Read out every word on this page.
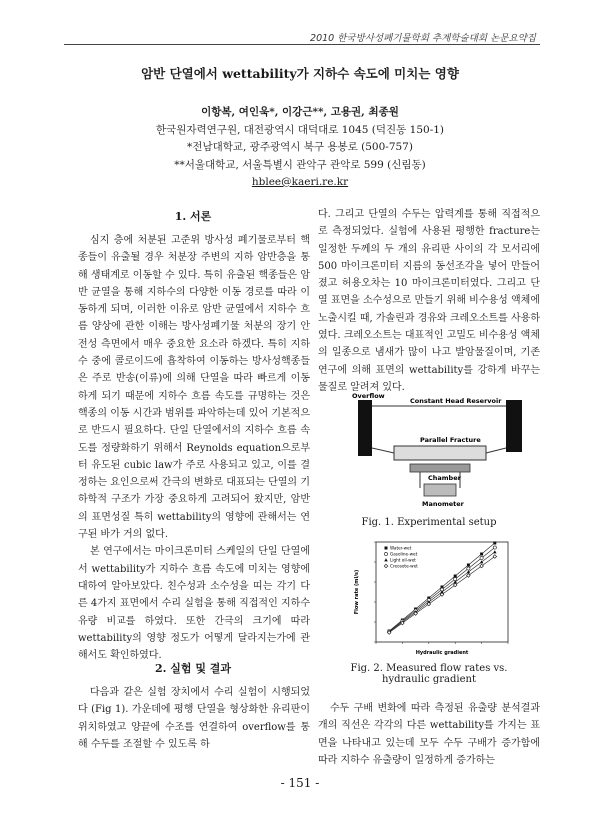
2010 한국방사성폐기물학회 추계학술대회 논문요약집
암반 단열에서 wettability가 지하수 속도에 미치는 영향
이항복, 여인욱*, 이강근**, 고용권, 최종원
한국원자력연구원, 대전광역시 대덕대로 1045 (덕진동 150-1)
*전남대학교, 광주광역시 북구 용봉로 (500-757)
**서울대학교, 서울특별시 관악구 관악로 599 (신림동)
hblee@kaeri.re.kr
1. 서론

심지 층에 처분된 고준위 방사성 폐기물로부터 핵종들이 유출될 경우 처분장 주변의 지하 암반층을 통해 생태계로 이동할 수 있다. 특히 유출된 핵종들은 암반 균열을 통해 지하수의 다양한 이동 경로를 따라 이동하게 되며, 이러한 이유로 암반 균열에서 지하수 흐름 양상에 관한 이해는 방사성폐기물 처분의 장기 안전성 측면에서 매우 중요한 요소라 하겠다. 특히 지하수 중에 콜로이드에 흡착하여 이동하는 방사성핵종들은 주로 반송(이류)에 의해 단열을 따라 빠르게 이동하게 되기 때문에 지하수 흐름 속도를 규명하는 것은 핵종의 이동 시간과 범위를 파악하는데 있어 기본적으로 반드시 필요하다. 단일 단열에서의 지하수 흐름 속도를 정량화하기 위해서 Reynolds equation으로부터 유도된 cubic law가 주로 사용되고 있고, 이를 결정하는 요인으로써 간극의 변화로 대표되는 단열의 기하학적 구조가 가장 중요하게 고려되어 왔지만, 암반의 표면성질 특히 wettability의 영향에 관해서는 연구된 바가 거의 없다.

본 연구에서는 마이크론미터 스케일의 단일 단열에서 wettability가 지하수 흐름 속도에 미치는 영향에 대하여 알아보았다. 친수성과 소수성을 띠는 각기 다른 4가지 표면에서 수리 실험을 통해 직접적인 지하수 유량 비교를 하였다. 또한 간극의 크기에 따라 wettability의 영향 정도가 어떻게 달라지는가에 관해서도 확인하였다.

2. 실험 및 결과

다음과 같은 실험 장치에서 수리 실험이 시행되었다 (Fig 1). 가운데에 평행 단열을 형상화한 유리판이 위치하였고 양끝에 수조를 연결하여 overflow를 통해 수두를 조절할 수 있도록 하

다. 그리고 단열의 수두는 압력계를 통해 직접적으로 측정되었다. 실험에 사용된 평행한 fracture는 일정한 두께의 두 개의 유리판 사이의 각 모서리에 500 마이크론미터 지름의 동선조각을 넣어 만들어졌고 허용오차는 10 마이크론미터였다. 그리고 단열 표면을 소수성으로 만들기 위해 비수용성 액체에 노출시킬 때, 가솔린과 경유와 크레오소트를 사용하였다. 크레오소트는 대표적인 고밀도 비수용성 액체의 일종으로 냄새가 많이 나고 발암물질이며, 기존 연구에 의해 표면의 wettability를 강하게 바꾸는 물질로 알려져 있다.

Overflow
Constant Head Reservoir
Parallel Fracture
Chamber
Manometer
Fig. 1. Experimental setup
Water-wet
Gasoline-wet
Light oil-wet
Creosote-wet
Hydraulic gradient
Flow rate (ml/s)
Fig. 2. Measured flow rates vs.
hydraulic gradient

수두 구배 변화에 따라 측정된 유출량 분석결과 개의 직선은 각각의 다른 wettability를 가지는 표면을 나타내고 있는데 모두 수두 구배가 증가함에 따라 지하수 유출량이 일정하게 증가하는

- 151 -
